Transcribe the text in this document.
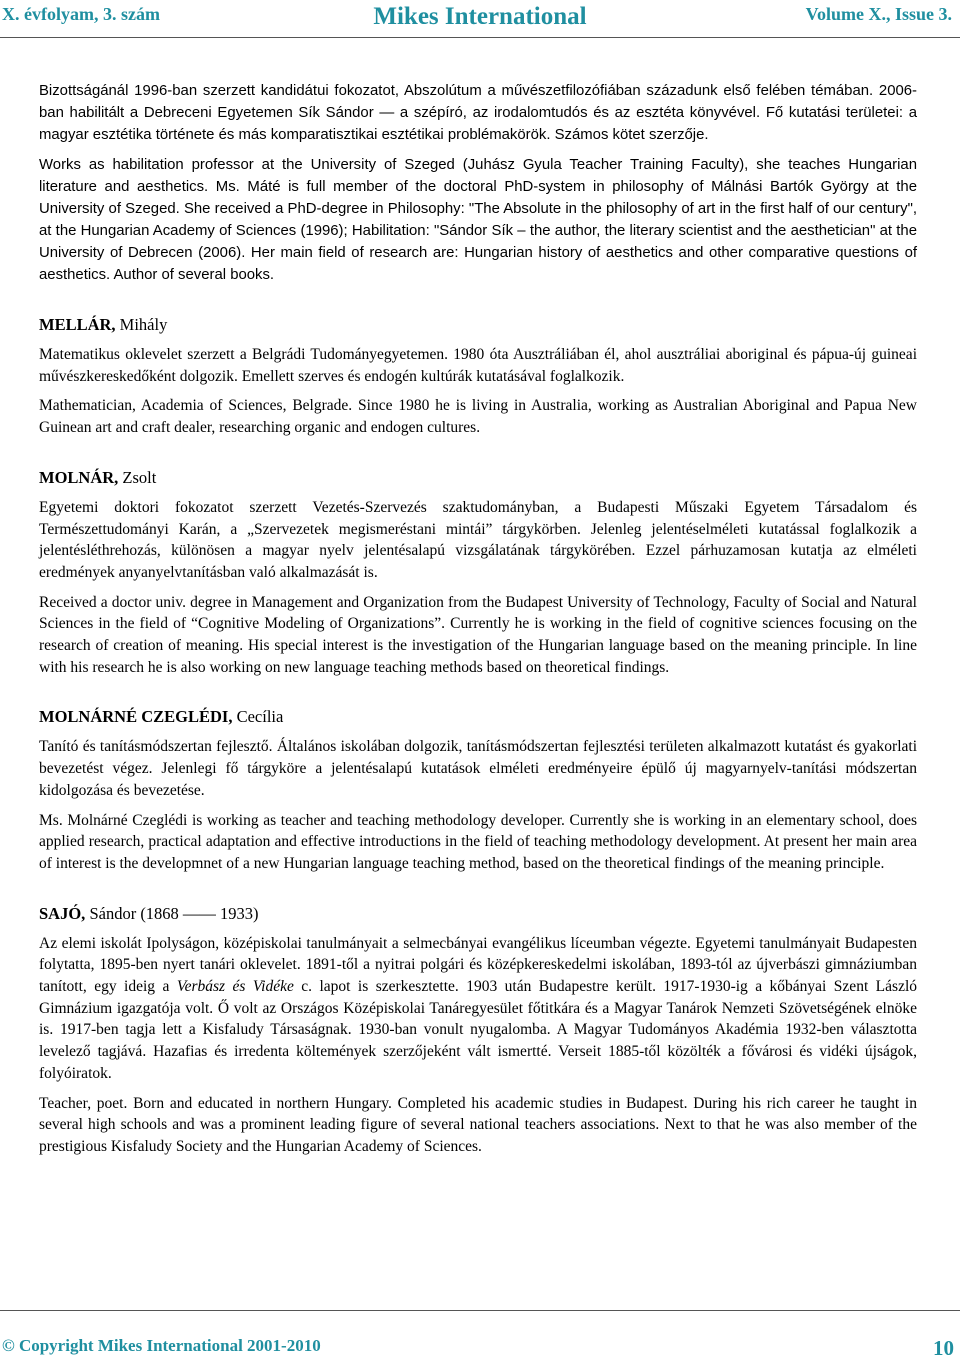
X. évfolyam, 3. szám	Mikes International	Volume X., Issue 3.

Bizottságánál 1996-ban szerzett kandidátui fokozatot, Abszolútum a művészetfilozófiában századunk első felében témában. 2006-ban habilitált a Debreceni Egyetemen Sík Sándor — a szépíró, az irodalomtudós és az esztéta könyvével. Fő kutatási területei: a magyar esztétika története és más komparatisztikai esztétikai problémakörök. Számos kötet szerzője.

Works as habilitation professor at the University of Szeged (Juhász Gyula Teacher Training Faculty), she teaches Hungarian literature and aesthetics. Ms. Máté is full member of the doctoral PhD-system in philosophy of Málnási Bartók György at the University of Szeged. She received a PhD-degree in Philosophy: "The Absolute in the philosophy of art in the first half of our century", at the Hungarian Academy of Sciences (1996); Habilitation: "Sándor Sík – the author, the literary scientist and the aesthetician" at the University of Debrecen (2006). Her main field of research are: Hungarian history of aesthetics and other comparative questions of aesthetics. Author of several books.

MELLÁR, Mihály

Matematikus oklevelet szerzett a Belgrádi Tudományegyetemen. 1980 óta Ausztráliában él, ahol ausztráliai aboriginal és pápua-új guineai művészkereskedőként dolgozik. Emellett szerves és endogén kultúrák kutatásával foglalkozik.

Mathematician, Academia of Sciences, Belgrade. Since 1980 he is living in Australia, working as Australian Aboriginal and Papua New Guinean art and craft dealer, researching organic and endogen cultures.

MOLNÁR, Zsolt

Egyetemi doktori fokozatot szerzett Vezetés-Szervezés szaktudományban, a Budapesti Műszaki Egyetem Társadalom és Természettudományi Karán, a „Szervezetek megismeréstani mintái” tárgykörben. Jelenleg jelentéselméleti kutatással foglalkozik a jelentésléthrehozás, különösen a magyar nyelv jelentésalapú vizsgálatának tárgykörében. Ezzel párhuzamosan kutatja az elméleti eredmények anyanyelvtanításban való alkalmazását is.

Received a doctor univ. degree in Management and Organization from the Budapest University of Technology, Faculty of Social and Natural Sciences in the field of “Cognitive Modeling of Organizations”. Currently he is working in the field of cognitive sciences focusing on the research of creation of meaning. His special interest is the investigation of the Hungarian language based on the meaning principle. In line with his research he is also working on new language teaching methods based on theoretical findings.

MOLNÁRNÉ CZEGLÉDI, Cecília

Tanító és tanításmódszertan fejlesztő. Általános iskolában dolgozik, tanításmódszertan fejlesztési területen alkalmazott kutatást és gyakorlati bevezetést végez. Jelenlegi fő tárgyköre a jelentésalapú kutatások elméleti eredményeire épülő új magyarnyelv-tanítási módszertan kidolgozása és bevezetése.

Ms. Molnárné Czeglédi is working as teacher and teaching methodology developer. Currently she is working in an elementary school, does applied research, practical adaptation and effective introductions in the field of teaching methodology development. At present her main area of interest is the developmnet of a new Hungarian language teaching method, based on the theoretical findings of the meaning principle.

SAJÓ, Sándor (1868 —— 1933)

Az elemi iskolát Ipolyságon, középiskolai tanulmányait a selmecbányai evangélikus líceumban végezte. Egyetemi tanulmányait Budapesten folytatta, 1895-ben nyert tanári oklevelet. 1891-től a nyitrai polgári és középkereskedelmi iskolában, 1893-tól az újverbászi gimnáziumban tanított, egy ideig a Verbász és Vidéke c. lapot is szerkesztette. 1903 után Budapestre került. 1917-1930-ig a kőbányai Szent László Gimnázium igazgatója volt. Ő volt az Országos Középiskolai Tanáregyesület főtitkára és a Magyar Tanárok Nemzeti Szövetségének elnöke is. 1917-ben tagja lett a Kisfaludy Társaságnak. 1930-ban vonult nyugalomba. A Magyar Tudományos Akadémia 1932-ben választotta levelező tagjává. Hazafias és irredenta költemények szerzőjeként vált ismertté. Verseit 1885-től közölték a fővárosi és vidéki újságok, folyóiratok.

Teacher, poet. Born and educated in northern Hungary. Completed his academic studies in Budapest. During his rich career he taught in several high schools and was a prominent leading figure of several national teachers associations. Next to that he was also member of the prestigious Kisfaludy Society and the Hungarian Academy of Sciences.

© Copyright Mikes International 2001-2010	10
